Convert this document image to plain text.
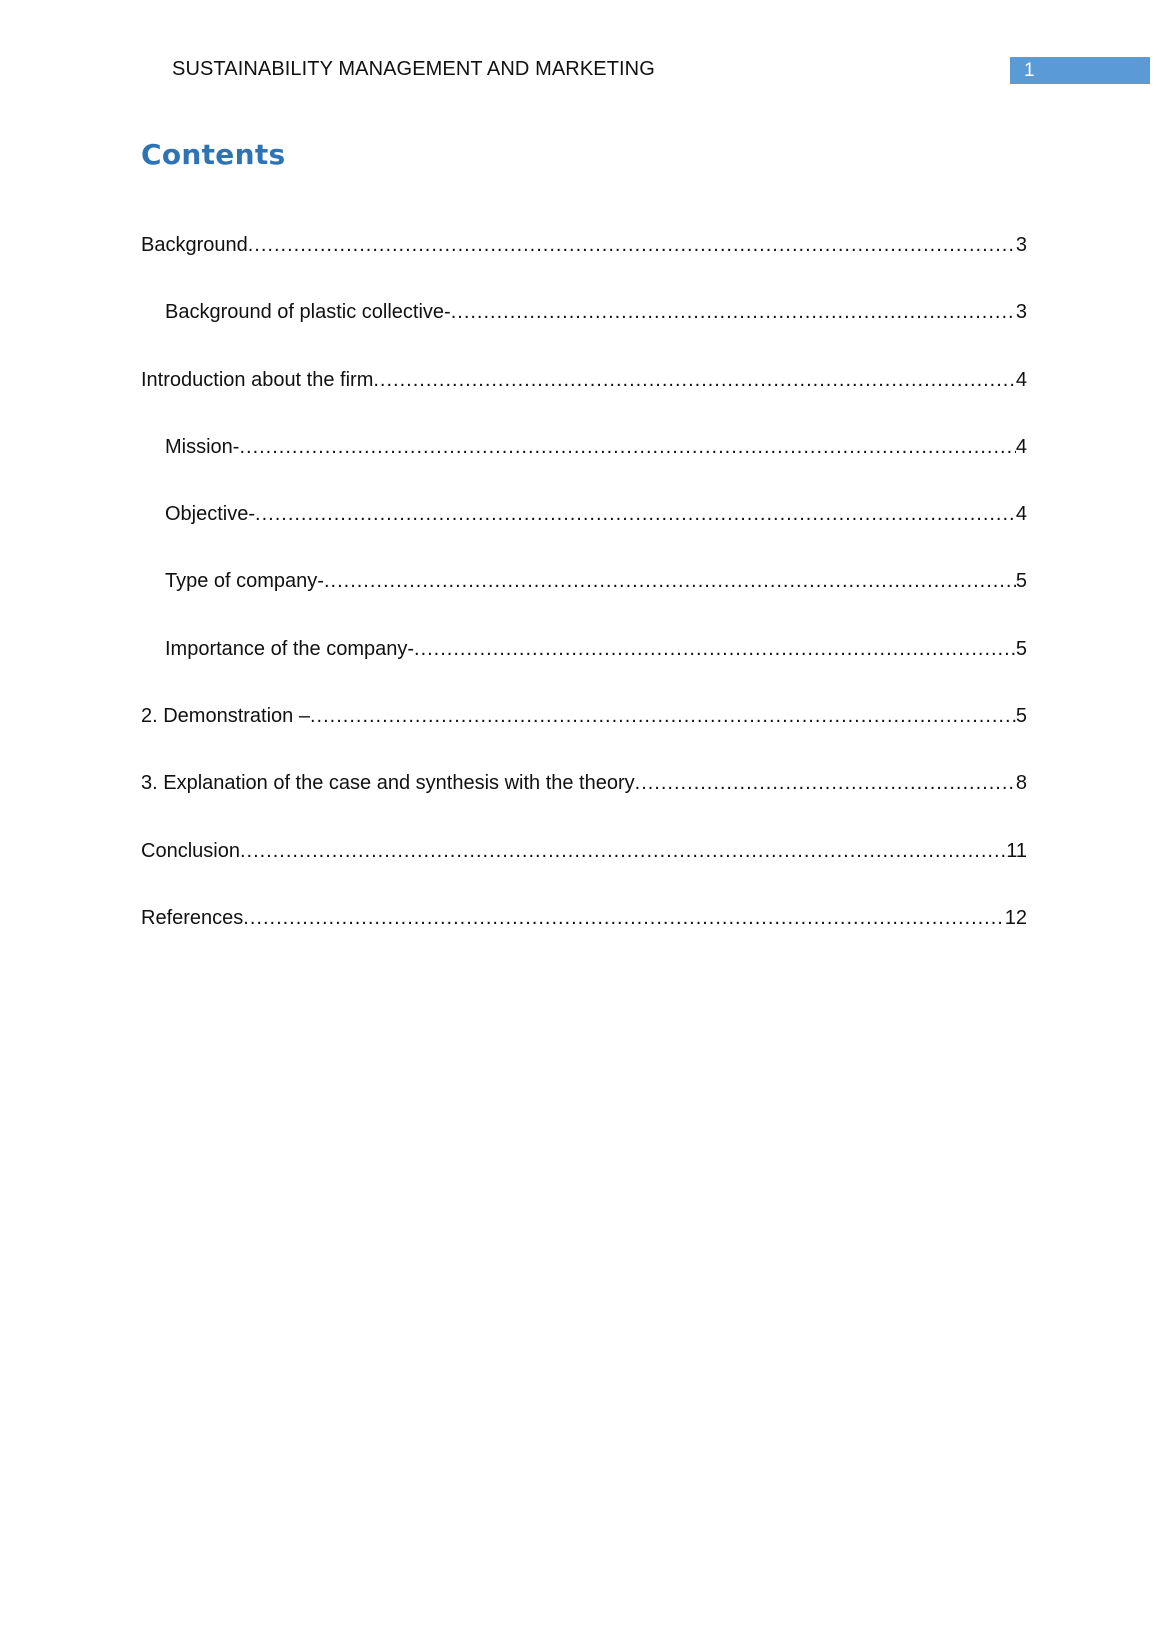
SUSTAINABILITY MANAGEMENT AND MARKETING	1
Contents
Background .....	3
Background of plastic collective- .....	3
Introduction about the firm .....	4
Mission- .....	4
Objective- .....	4
Type of company- .....	5
Importance of the company- .....	5
2. Demonstration – .....	5
3. Explanation of the case and synthesis with the theory .....	8
Conclusion .....	11
References .....	12
